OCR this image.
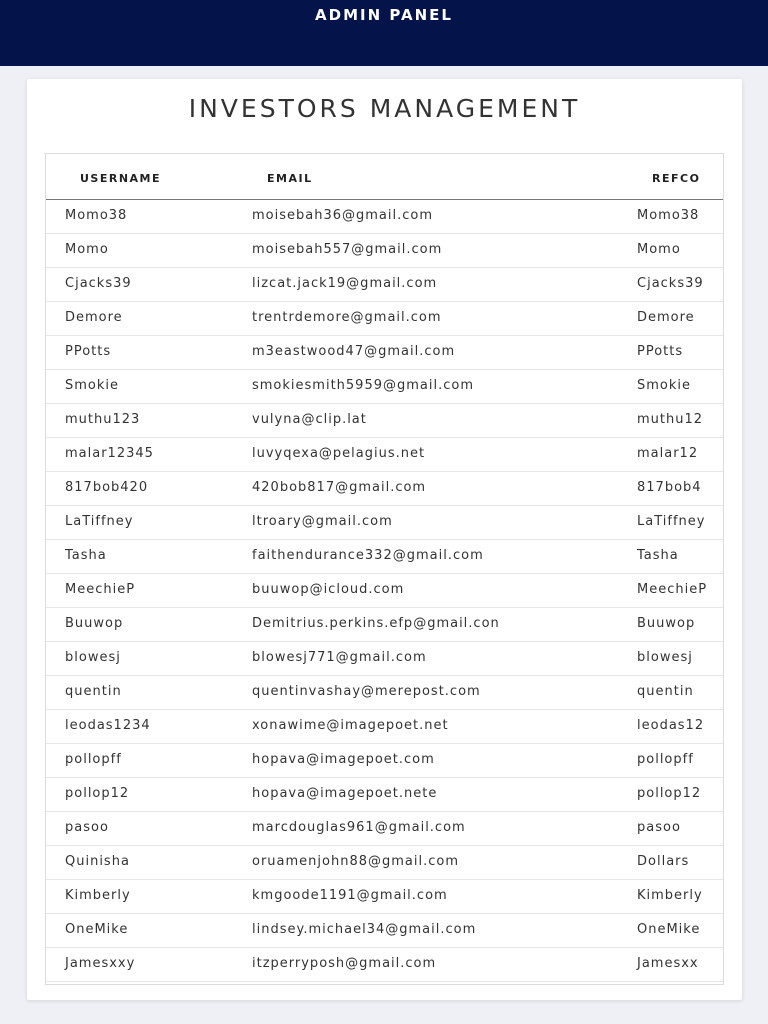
ADMIN PANEL
INVESTORS MANAGEMENT
USERNAME	EMAIL	REFCO
Momo38	moisebah36@gmail.com	Momo38
Momo	moisebah557@gmail.com	Momo
Cjacks39	lizcat.jack19@gmail.com	Cjacks39
Demore	trentrdemore@gmail.com	Demore
PPotts	m3eastwood47@gmail.com	PPotts
Smokie	smokiesmith5959@gmail.com	Smokie
muthu123	vulyna@clip.lat	muthu12
malar12345	luvyqexa@pelagius.net	malar12
817bob420	420bob817@gmail.com	817bob4
LaTiffney	ltroary@gmail.com	LaTiffney
Tasha	faithendurance332@gmail.com	Tasha
MeechieP	buuwop@icloud.com	MeechieP
Buuwop	Demitrius.perkins.efp@gmail.con	Buuwop
blowesj	blowesj771@gmail.com	blowesj
quentin	quentinvashay@merepost.com	quentin
leodas1234	xonawime@imagepoet.net	leodas12
pollopff	hopava@imagepoet.com	pollopff
pollop12	hopava@imagepoet.nete	pollop12
pasoo	marcdouglas961@gmail.com	pasoo
Quinisha	oruamenjohn88@gmail.com	Dollars
Kimberly	kmgoode1191@gmail.com	Kimberly
OneMike	lindsey.michael34@gmail.com	OneMike
Jamesxxy	itzperryposh@gmail.com	Jamesxx
